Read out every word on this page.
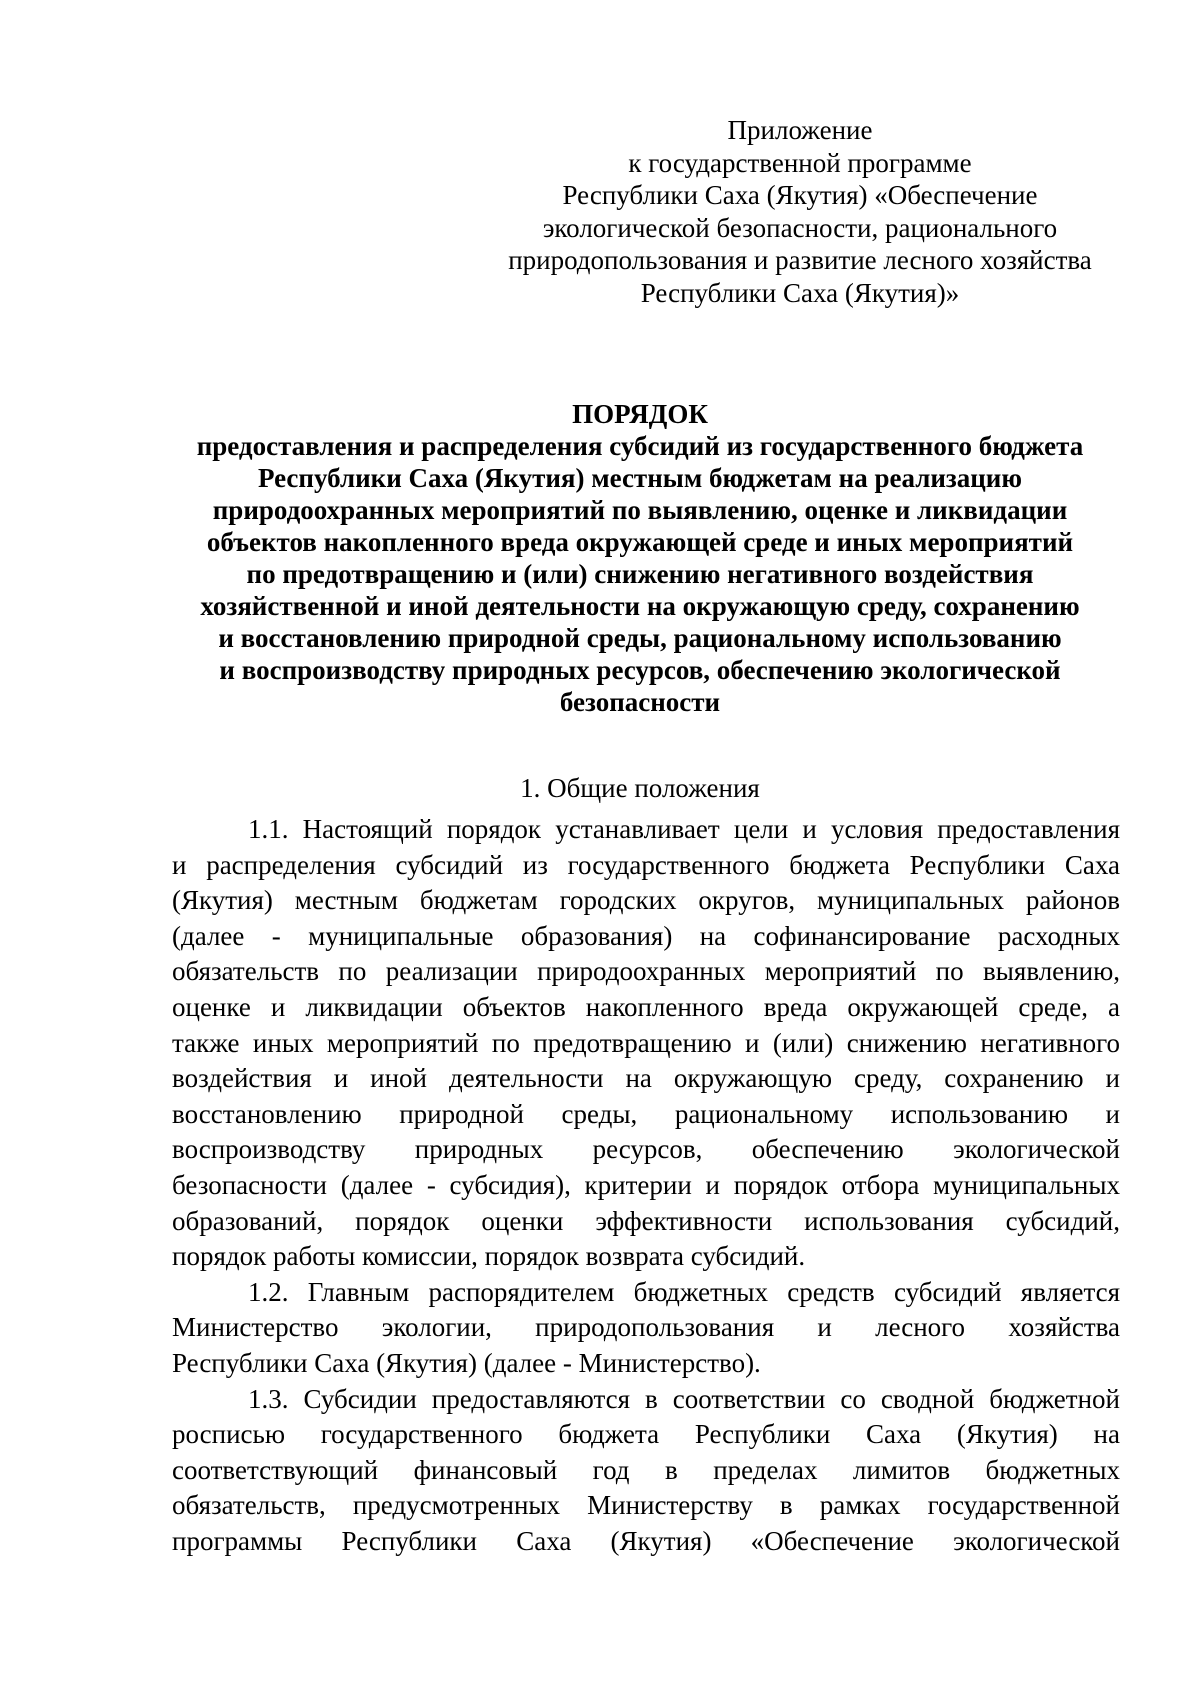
Приложение
к государственной программе
Республики Саха (Якутия) «Обеспечение
экологической безопасности, рационального
природопользования и развитие лесного хозяйства
Республики Саха (Якутия)»
ПОРЯДОК
предоставления и распределения субсидий из государственного бюджета
Республики Саха (Якутия) местным бюджетам на реализацию
природоохранных мероприятий по выявлению, оценке и ликвидации
объектов накопленного вреда окружающей среде и иных мероприятий
по предотвращению и (или) снижению негативного воздействия
хозяйственной и иной деятельности на окружающую среду, сохранению
и восстановлению природной среды, рациональному использованию
и воспроизводству природных ресурсов, обеспечению экологической
безопасности
1. Общие положения
1.1. Настоящий порядок устанавливает цели и условия предоставления
и распределения субсидий из государственного бюджета Республики Саха
(Якутия) местным бюджетам городских округов, муниципальных районов
(далее - муниципальные образования) на софинансирование расходных
обязательств по реализации природоохранных мероприятий по выявлению,
оценке и ликвидации объектов накопленного вреда окружающей среде, а
также иных мероприятий по предотвращению и (или) снижению негативного
воздействия и иной деятельности на окружающую среду, сохранению и
восстановлению природной среды, рациональному использованию и
воспроизводству природных ресурсов, обеспечению экологической
безопасности (далее - субсидия), критерии и порядок отбора муниципальных
образований, порядок оценки эффективности использования субсидий,
порядок работы комиссии, порядок возврата субсидий.
1.2. Главным распорядителем бюджетных средств субсидий является
Министерство экологии, природопользования и лесного хозяйства
Республики Саха (Якутия) (далее - Министерство).
1.3. Субсидии предоставляются в соответствии со сводной бюджетной
росписью государственного бюджета Республики Саха (Якутия) на
соответствующий финансовый год в пределах лимитов бюджетных
обязательств, предусмотренных Министерству в рамках государственной
программы Республики Саха (Якутия) «Обеспечение экологической
